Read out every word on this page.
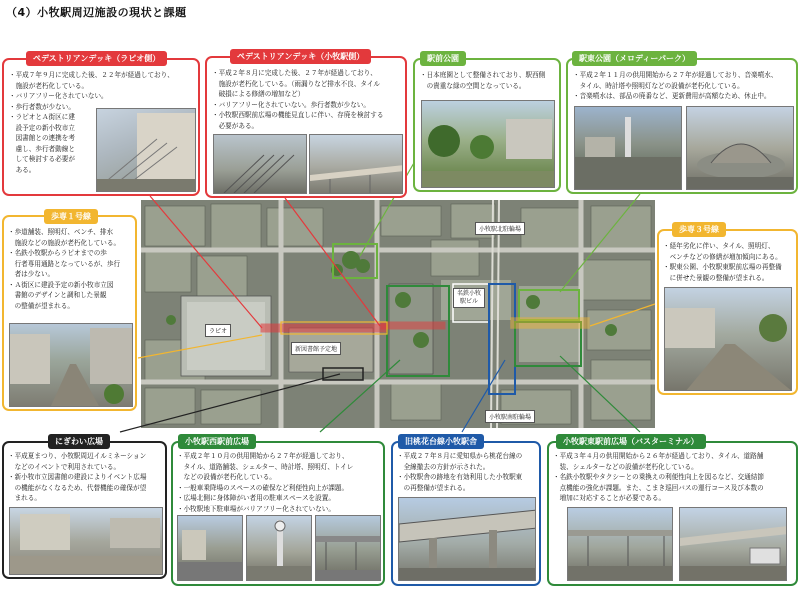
（4）小牧駅周辺施設の現状と課題
小牧駅北駐輪場
名鉄小牧駅ビル
ラピオ
新図書館予定地
小牧駅南駐輪場
・平成７年９月に完成した後、２２年が経過しており、
　施設が老朽化している。
・バリアフリー化されていない。
・歩行者数が少ない。
・ラピオとＡ街区に建
　設予定の新小牧市立
　図書館との連携を考
　慮し、歩行者動線と
　して検討する必要が
　ある。
ペデストリアンデッキ（ラピオ側）
・平成２年８月に完成した後、２７年が経過しており、
　施設が老朽化している。（雨漏りなど排水不良、タイル
　破損による修繕の増加など）
・バリアフリー化されていない。歩行者数が少ない。
・小牧駅西駅前広場の機能見直しに伴い、存廃を検討する
　必要がある。
ペデストリアンデッキ（小牧駅側）
・日本庭園として整備されており、駅西側
　の貴重な緑の空間となっている。
駅前公園
・平成２年１１月の供用開始から２７年が経過しており、音楽噴水、
　タイル、時計塔や照明灯などの設備が老朽化している。
・音楽噴水は、部品の廃番など、更新費用が高額なため、休止中。
駅東公園（メロディーパーク）
・歩道舗装、照明灯、ベンチ、排水
　施設などの施設が老朽化している。
・名鉄小牧駅からラピオまでの歩
　行者専用通路となっているが、歩行
　者は少ない。
・Ａ街区に建設予定の新小牧市立図
　書館のデザインと調和した景観
　の整備が望まれる。
歩専１号線
・経年劣化に伴い、タイル、照明灯、
　ベンチなどの修繕が増加傾向にある。
・駅東公園、小牧駅東駅前広場の再整備
　に併せた景観の整備が望まれる。
歩専３号線
・平成夏まつり、小牧駅周辺イルミネーション
　などのイベントで利用されている。
・新小牧市立図書館の建設によりイベント広場
　の機能がなくなるため、代替機能の確保が望
　まれる。
にぎわい広場
・平成２年１０月の供用開始から２７年が経過しており、
　タイル、道路舗装、シェルター、時計塔、照明灯、トイレ
　などの設備が老朽化している。
・一般車乗降場のスペースの確保など利便性向上が課題。
・広場北側に身体障がい者用の駐車スペースを設置。
・小牧駅地下駐車場がバリアフリー化されていない。
小牧駅西駅前広場
・平成２７年８月に愛知県から桃花台線の
　全線撤去の方針が示された。
・小牧駅舎の跡地を有効利用した小牧駅東
　の再整備が望まれる。
旧桃花台線小牧駅舎
・平成３年４月の供用開始から２６年が経過しており、タイル、道路舗
　装、シェルターなどの設備が老朽化している。
・名鉄小牧駅やタクシーとの乗換えの利便性向上を図るなど、交通結節
　点機能の強化が課題。また、こまき巡回バスの運行コース及び本数の
　増加に対応することが必要である。
小牧駅東駅前広場（バスターミナル）
